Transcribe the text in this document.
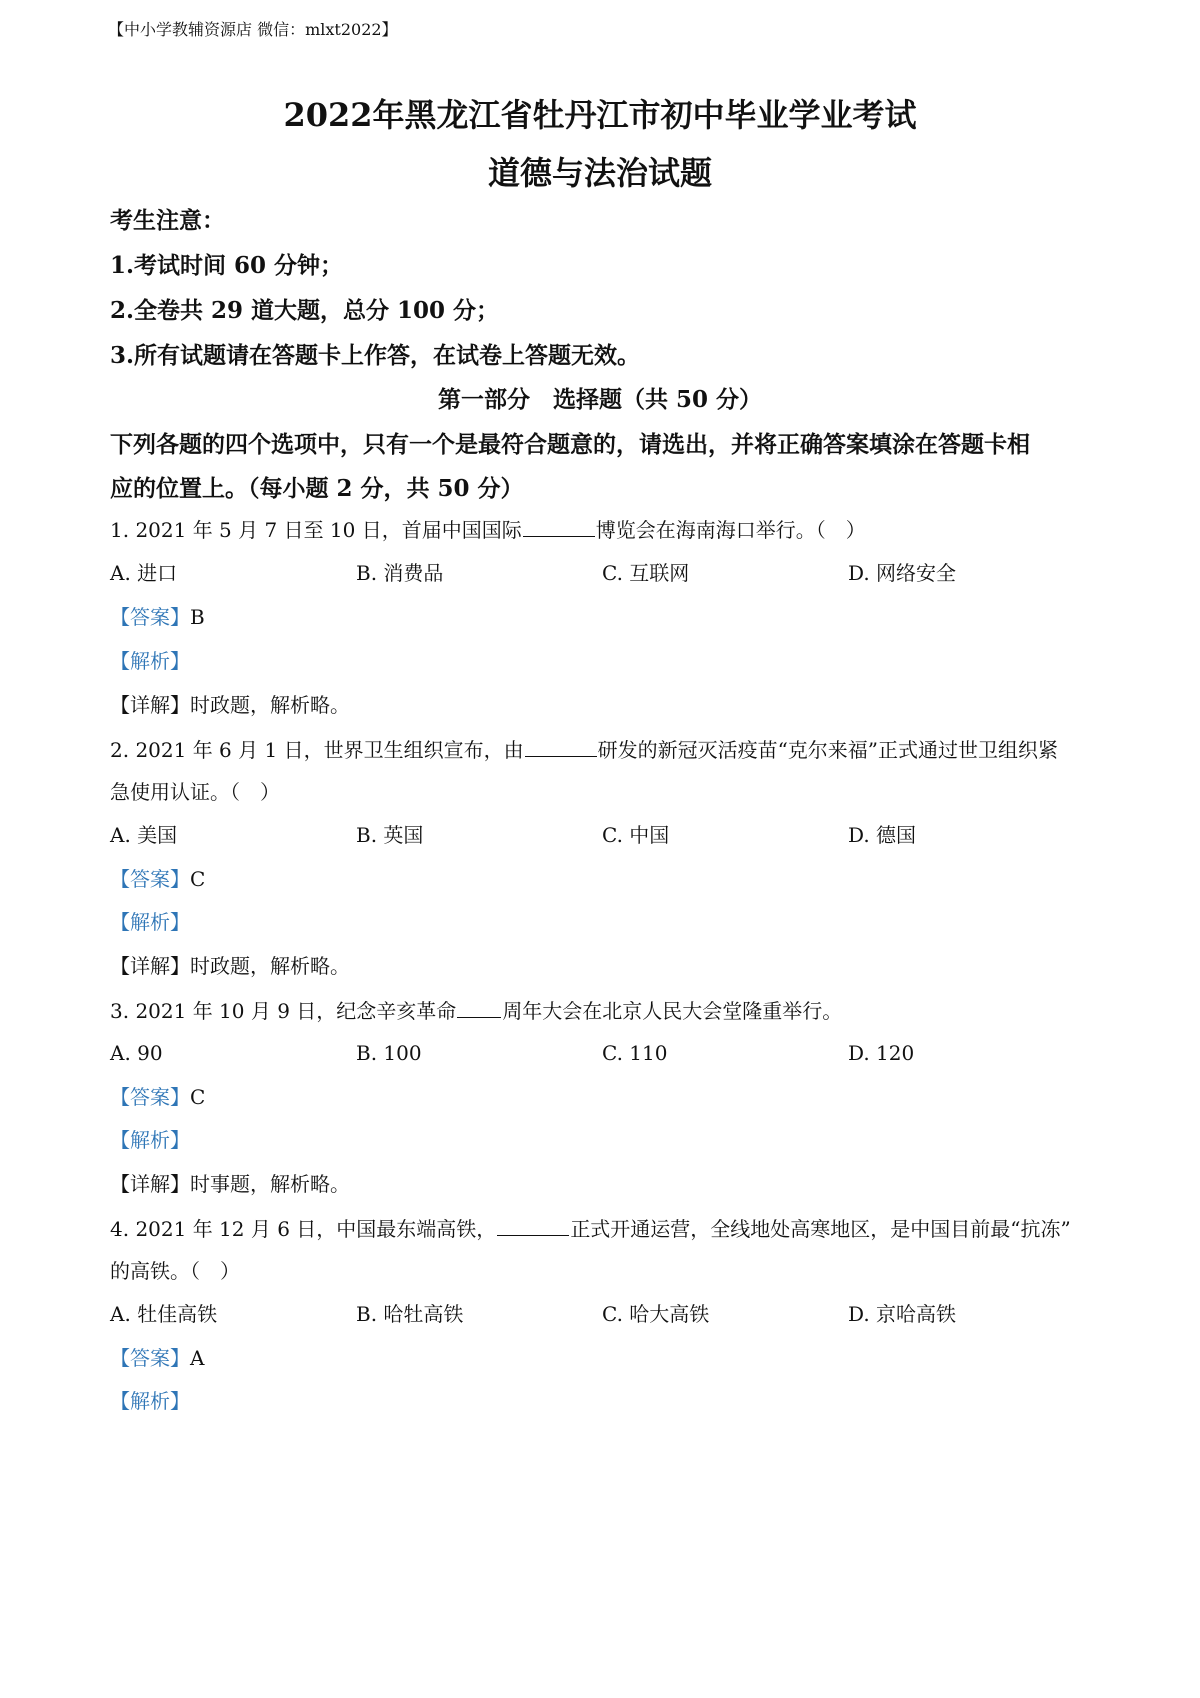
【中小学教辅资源店 微信：mlxt2022】
2022年黑龙江省牡丹江市初中毕业学业考试
道德与法治试题
考生注意：
1.考试时间 60 分钟；
2.全卷共 29 道大题，总分 100 分；
3.所有试题请在答题卡上作答，在试卷上答题无效。
第一部分　选择题（共 50 分）
下列各题的四个选项中，只有一个是最符合题意的，请选出，并将正确答案填涂在答题卡相
应的位置上。（每小题 2 分，共 50 分）
1. 2021 年 5 月 7 日至 10 日，首届中国国际	博览会在海南海口举行。（　）
A. 进口	B. 消费品	C. 互联网	D. 网络安全
【答案】B
【解析】
【详解】时政题，解析略。
2. 2021 年 6 月 1 日，世界卫生组织宣布，由	研发的新冠灭活疫苗“克尔来福”正式通过世卫组织紧
急使用认证。（　）
A. 美国	B. 英国	C. 中国	D. 德国
【答案】C
【解析】
【详解】时政题，解析略。
3. 2021 年 10 月 9 日，纪念辛亥革命 周年大会在北京人民大会堂隆重举行。
A. 90	B. 100	C. 110	D. 120
【答案】C
【解析】
【详解】时事题，解析略。
4. 2021 年 12 月 6 日，中国最东端高铁，	正式开通运营，全线地处高寒地区，是中国目前最“抗冻”
的高铁。（　）
A. 牡佳高铁	B. 哈牡高铁	C. 哈大高铁	D. 京哈高铁
【答案】A
【解析】
